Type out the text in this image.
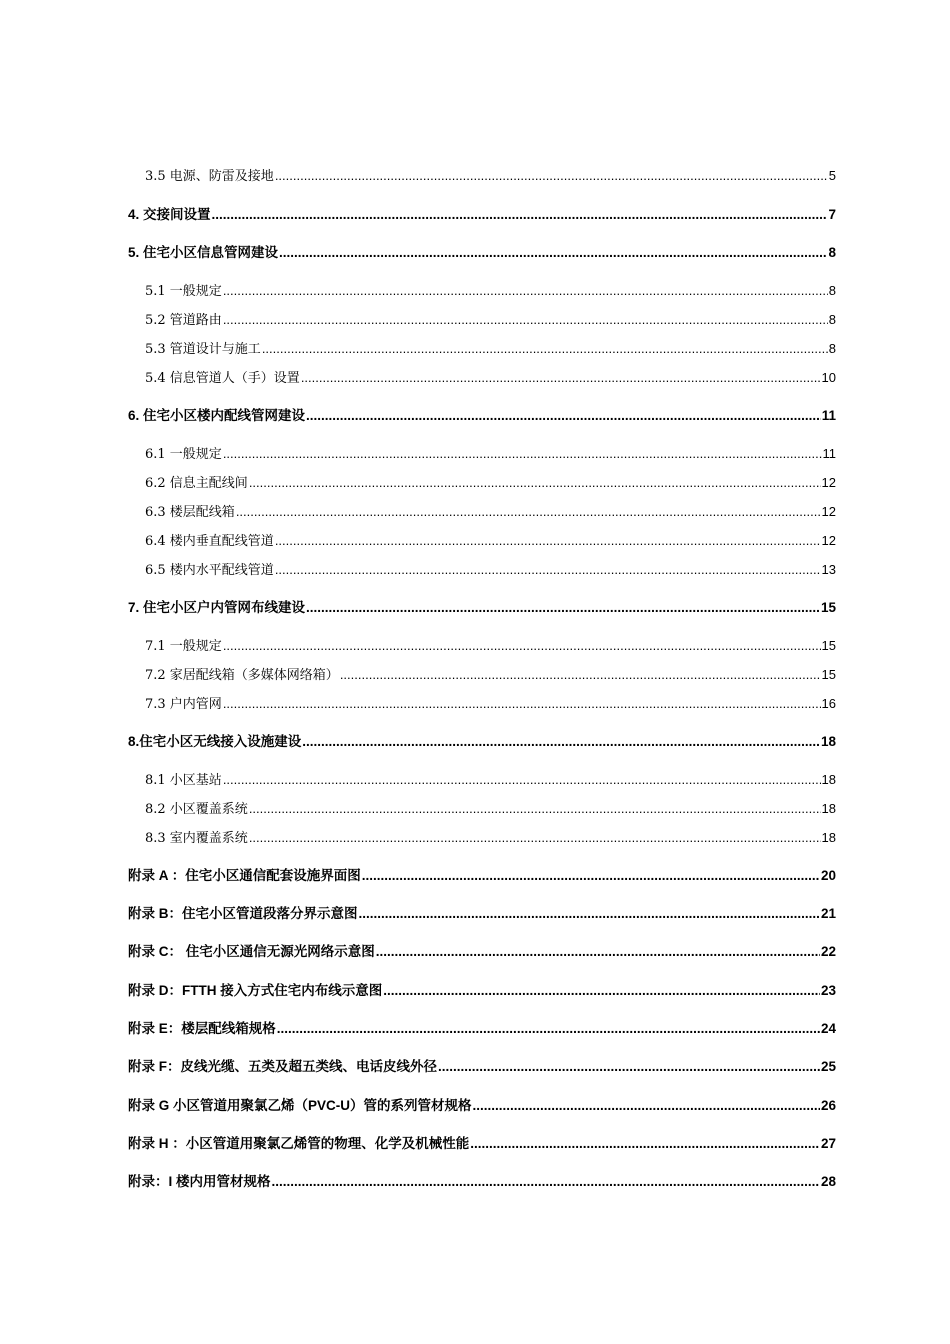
3.5 电源、防雷及接地 .....	5
4. 交接间设置 .....	7
5. 住宅小区信息管网建设 .....	8
5.1 一般规定 .....	8
5.2 管道路由 .....	8
5.3 管道设计与施工 .....	8
5.4 信息管道人（手）设置 .....	10
6. 住宅小区楼内配线管网建设 .....	11
6.1 一般规定 .....	11
6.2 信息主配线间 .....	12
6.3 楼层配线箱 .....	12
6.4 楼内垂直配线管道 .....	12
6.5 楼内水平配线管道 .....	13
7. 住宅小区户内管网布线建设 .....	15
7.1 一般规定 .....	15
7.2 家居配线箱（多媒体网络箱） .....	15
7.3 户内管网 .....	16
8.住宅小区无线接入设施建设 .....	18
8.1 小区基站 .....	18
8.2 小区覆盖系统 .....	18
8.3 室内覆盖系统 .....	18
附录 A ：住宅小区通信配套设施界面图 .....	20
附录 B：住宅小区管道段落分界示意图 .....	21
附录 C： 住宅小区通信无源光网络示意图 .....	22
附录 D：FTTH 接入方式住宅内布线示意图 .....	23
附录 E：楼层配线箱规格 .....	24
附录 F：皮线光缆、五类及超五类线、电话皮线外径 .....	25
附录 G 小区管道用聚氯乙烯（PVC-U）管的系列管材规格 .....	26
附录 H ：小区管道用聚氯乙烯管的物理、化学及机械性能 .....	27
附录：I 楼内用管材规格 .....	28
